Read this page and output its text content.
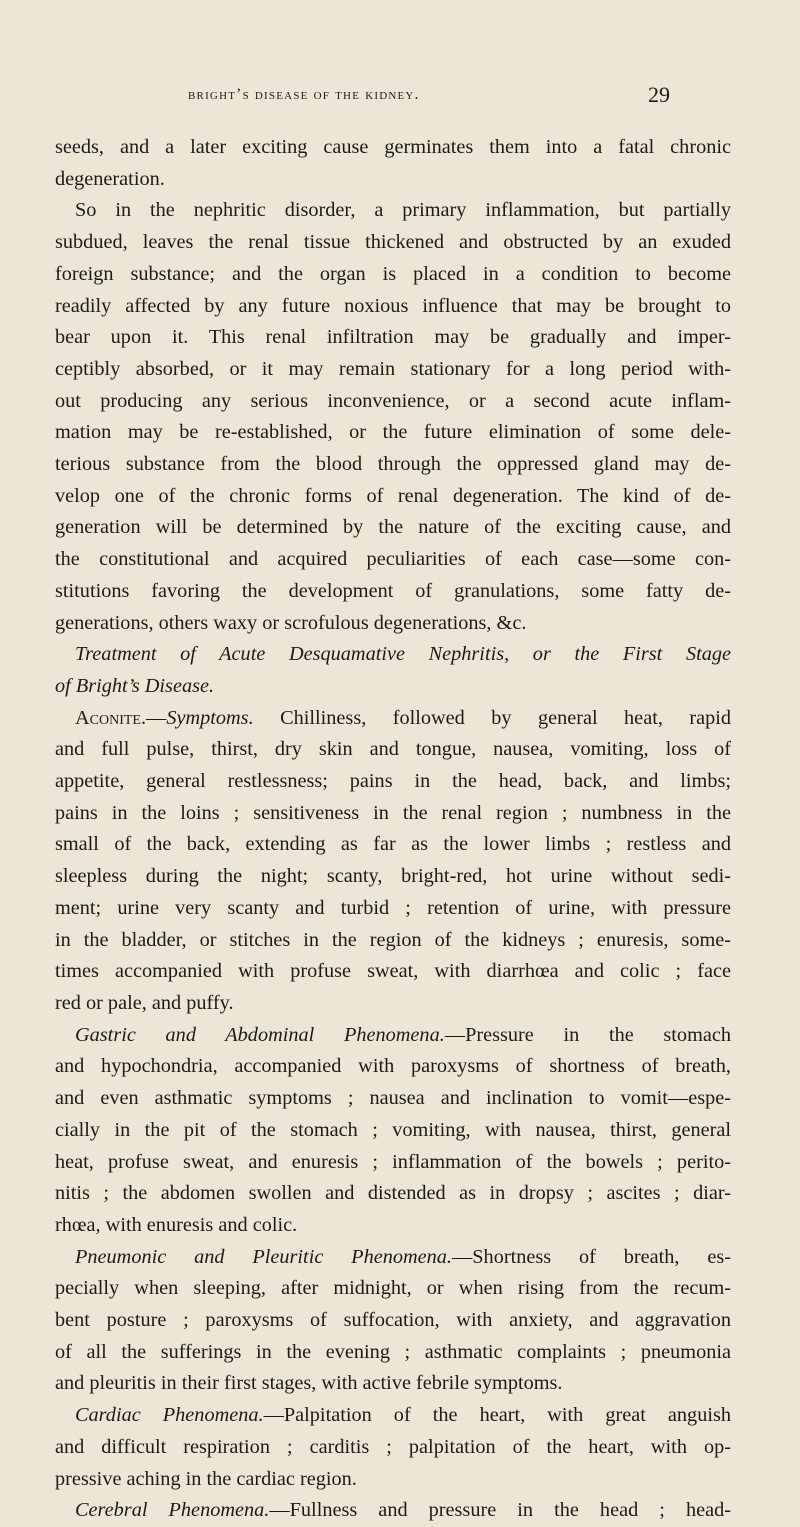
bright’s disease of the kidney.	29
seeds, and a later exciting cause germinates them into a fatal chronic
degeneration.
So in the nephritic disorder, a primary inflammation, but partially
subdued, leaves the renal tissue thickened and obstructed by an exuded
foreign substance; and the organ is placed in a condition to become
readily affected by any future noxious influence that may be brought to
bear upon it. This renal infiltration may be gradually and imper-
ceptibly absorbed, or it may remain stationary for a long period with-
out producing any serious inconvenience, or a second acute inflam-
mation may be re-established, or the future elimination of some dele-
terious substance from the blood through the oppressed gland may de-
velop one of the chronic forms of renal degeneration. The kind of de-
generation will be determined by the nature of the exciting cause, and
the constitutional and acquired peculiarities of each case—some con-
stitutions favoring the development of granulations, some fatty de-
generations, others waxy or scrofulous degenerations, &c.
Treatment of Acute Desquamative Nephritis, or the First Stage
of Bright’s Disease.
Aconite.—Symptoms. Chilliness, followed by general heat, rapid
and full pulse, thirst, dry skin and tongue, nausea, vomiting, loss of
appetite, general restlessness; pains in the head, back, and limbs;
pains in the loins ; sensitiveness in the renal region ; numbness in the
small of the back, extending as far as the lower limbs ; restless and
sleepless during the night; scanty, bright-red, hot urine without sedi-
ment; urine very scanty and turbid ; retention of urine, with pressure
in the bladder, or stitches in the region of the kidneys ; enuresis, some-
times accompanied with profuse sweat, with diarrhœa and colic ; face
red or pale, and puffy.
Gastric and Abdominal Phenomena.—Pressure in the stomach
and hypochondria, accompanied with paroxysms of shortness of breath,
and even asthmatic symptoms ; nausea and inclination to vomit—espe-
cially in the pit of the stomach ; vomiting, with nausea, thirst, general
heat, profuse sweat, and enuresis ; inflammation of the bowels ; perito-
nitis ; the abdomen swollen and distended as in dropsy ; ascites ; diar-
rhœa, with enuresis and colic.
Pneumonic and Pleuritic Phenomena.—Shortness of breath, es-
pecially when sleeping, after midnight, or when rising from the recum-
bent posture ; paroxysms of suffocation, with anxiety, and aggravation
of all the sufferings in the evening ; asthmatic complaints ; pneumonia
and pleuritis in their first stages, with active febrile symptoms.
Cardiac Phenomena.—Palpitation of the heart, with great anguish
and difficult respiration ; carditis ; palpitation of the heart, with op-
pressive aching in the cardiac region.
Cerebral Phenomena.—Fullness and pressure in the head ; head-
